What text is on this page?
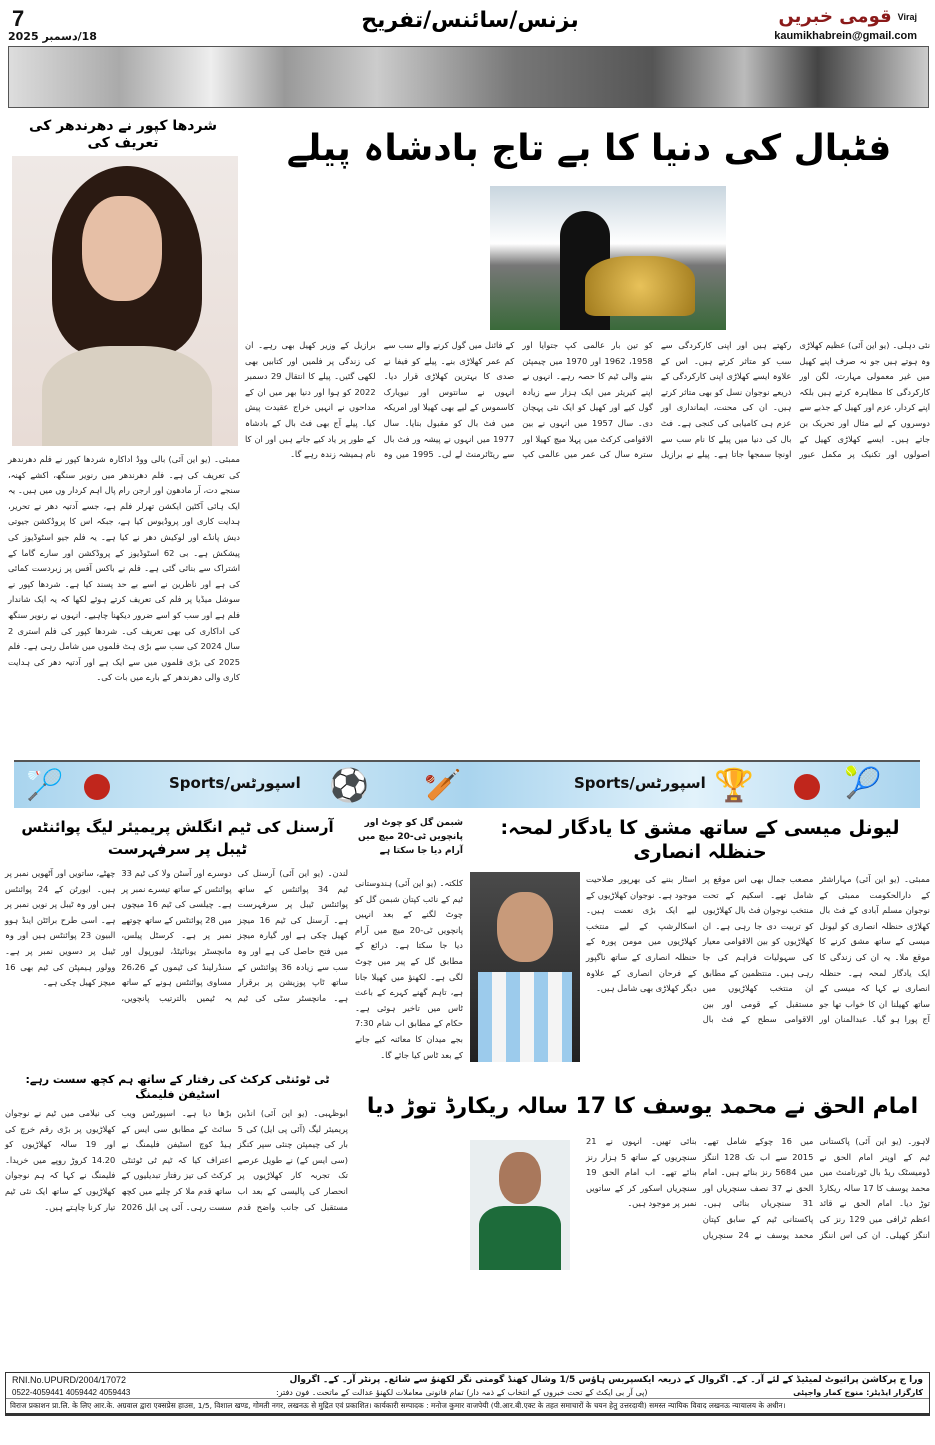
7
18/دسمبر 2025
بزنس/سائنس/تفریح	قومی خبریں Viraj
kaumikhabrein@gmail.com
فٹبال کی دنیا کا بے تاج بادشاہ پیلے
نئی دہلی۔ (یو این آئی) عظیم کھلاڑی وہ ہوتے ہیں جو نہ صرف اپنے کھیل میں غیر معمولی مہارت، لگن اور کارکردگی کا مظاہرہ کرتے ہیں بلکہ اپنے کردار، عزم اور کھیل کے جذبے سے دوسروں کے لیے مثال اور تحریک بن جاتے ہیں۔ ایسے کھلاڑی کھیل کے اصولوں اور تکنیک پر مکمل عبور رکھتے ہیں اور اپنی کارکردگی سے سب کو متاثر کرتے ہیں۔ اس کے علاوہ ایسے کھلاڑی اپنی کارکردگی کے ذریعے نوجوان نسل کو بھی متاثر کرتے ہیں۔ ان کی محنت، ایمانداری اور عزم ہی کامیابی کی کنجی ہے۔ فٹ بال کی دنیا میں پیلے کا نام سب سے اونچا سمجھا جاتا ہے۔ پیلے نے برازیل کو تین بار عالمی کپ جتوایا اور 1958، 1962 اور 1970 میں چیمپئن بننے والی ٹیم کا حصہ رہے۔ انہوں نے اپنے کیریئر میں ایک ہزار سے زیادہ گول کیے اور کھیل کو ایک نئی پہچان دی۔ سال 1957 میں انہوں نے بین الاقوامی کرکٹ میں پہلا میچ کھیلا اور سترہ سال کی عمر میں عالمی کپ کے فائنل میں گول کرنے والے سب سے کم عمر کھلاڑی بنے۔ پیلے کو فیفا نے صدی کا بہترین کھلاڑی قرار دیا۔ انہوں نے سانتوس اور نیویارک کاسموس کے لیے بھی کھیلا اور امریکہ میں فٹ بال کو مقبول بنایا۔ سال 1977 میں انہوں نے پیشہ ور فٹ بال سے ریٹائرمنٹ لے لی۔ 1995 میں وہ برازیل کے وزیر کھیل بھی رہے۔ ان کی زندگی پر فلمیں اور کتابیں بھی لکھی گئیں۔ پیلے کا انتقال 29 دسمبر 2022 کو ہوا اور دنیا بھر میں ان کے مداحوں نے انہیں خراج عقیدت پیش کیا۔ پیلے آج بھی فٹ بال کے بادشاہ کے طور پر یاد کیے جاتے ہیں اور ان کا نام ہمیشہ زندہ رہے گا۔
شردھا کپور نے دھرندھر کی تعریف کی
ممبئی۔ (یو این آئی) بالی ووڈ اداکارہ شردھا کپور نے فلم دھرندھر کی تعریف کی ہے۔ فلم دھرندھر میں رنویر سنگھ، اکشے کھنہ، سنجے دت، آر مادھون اور ارجن رام پال اہم کردار وں میں ہیں۔ یہ ایک ہائی آکٹین ایکشن تھرلر فلم ہے، جسے آدتیہ دھر نے تحریر، ہدایت کاری اور پروڈیوس کیا ہے، جبکہ اس کا پروڈکشن جیوتی دیش پانڈے اور لوکیش دھر نے کیا ہے۔ یہ فلم جیو اسٹوڈیوز کی پیشکش ہے۔ بی 62 اسٹوڈیوز کے پروڈکشن اور سارے گاما کے اشتراک سے بنائی گئی ہے۔ فلم نے باکس آفس پر زبردست کمائی کی ہے اور ناظرین نے اسے بے حد پسند کیا ہے۔ شردھا کپور نے سوشل میڈیا پر فلم کی تعریف کرتے ہوئے لکھا کہ یہ ایک شاندار فلم ہے اور سب کو اسے ضرور دیکھنا چاہیے۔ انہوں نے رنویر سنگھ کی اداکاری کی بھی تعریف کی۔ شردھا کپور کی فلم استری 2 سال 2024 کی سب سے بڑی ہٹ فلموں میں شامل رہی ہے۔ فلم 2025 کی بڑی فلموں میں سے ایک ہے اور آدتیہ دھر کی ہدایت کاری والی دھرندھر کے بارے میں بات کی۔
🏸	Sports/اسپورٹس ⚽ 🏏	Sports/اسپورٹس 🏆	🎾
لیونل میسی کے ساتھ مشق کا یادگار لمحہ: حنظلہ انصاری
ممبئی۔ (یو این آئی) مہاراشٹر کے دارالحکومت ممبئی کے نوجوان مسلم آبادی کے فٹ بال کھلاڑی حنظلہ انصاری کو لیونل میسی کے ساتھ مشق کرنے کا موقع ملا۔ یہ ان کی زندگی کا ایک یادگار لمحہ ہے۔ حنظلہ انصاری نے کہا کہ میسی کے ساتھ کھیلنا ان کا خواب تھا جو آج پورا ہو گیا۔ عبدالمنان اور مصعب جمال بھی اس موقع پر شامل تھے۔ اسکیم کے تحت منتخب نوجوان فٹ بال کھلاڑیوں کو تربیت دی جا رہی ہے۔ ان کھلاڑیوں کو بین الاقوامی معیار کی سہولیات فراہم کی جا رہی ہیں۔ منتظمین کے مطابق ان منتخب کھلاڑیوں میں مستقبل کے قومی اور بین الاقوامی سطح کے فٹ بال اسٹار بننے کی بھرپور صلاحیت موجود ہے۔ نوجوان کھلاڑیوں کے لیے ایک بڑی نعمت ہیں۔ اسکالرشپ کے لیے منتخب کھلاڑیوں میں مومن پورہ کے حنظلہ انصاری کے ساتھ ناگپور کے فرحان انصاری کے علاوہ دیگر کھلاڑی بھی شامل ہیں۔
شبمن گل کو چوٹ اور پانچویں ٹی-20 میچ میں آرام دیا جا سکتا ہے
کلکتہ۔ (یو این آئی) ہندوستانی ٹیم کے نائب کپتان شبمن گل کو چوٹ لگنے کے بعد انہیں پانچویں ٹی-20 میچ میں آرام دیا جا سکتا ہے۔ ذرائع کے مطابق گل کے پیر میں چوٹ لگی ہے۔ لکھنؤ میں کھیلا جانا ہے، تاہم گھنے کہرے کے باعث ٹاس میں تاخیر ہوئی ہے۔ حکام کے مطابق اب شام 7:30 بجے میدان کا معائنہ کیے جانے کے بعد ٹاس کیا جائے گا۔
آرسنل کی ٹیم انگلش پریمیئر لیگ پوائنٹس ٹیبل پر سرفہرست
لندن۔ (یو این آئی) آرسنل کی ٹیم 34 پوائنٹس کے ساتھ پوائنٹس ٹیبل پر سرفہرست ہے۔ آرسنل کی ٹیم 16 میچز کھیل چکی ہے اور گیارہ میچز میں فتح حاصل کی ہے اور وہ سب سے زیادہ 36 پوائنٹس کے ساتھ ٹاپ پوزیشن پر برقرار ہے۔ مانچسٹر سٹی کی ٹیم دوسرے اور آسٹن ولا کی ٹیم 33 پوائنٹس کے ساتھ تیسرے نمبر پر ہے۔ چیلسی کی ٹیم 16 میچوں میں 28 پوائنٹس کے ساتھ چوتھے نمبر پر ہے۔ کرسٹل پیلس، مانچسٹر یونائیٹڈ، لیورپول اور سنڈرلینڈ کی ٹیموں کے 26،26 مساوی پوائنٹس ہونے کے ساتھ یہ ٹیمیں بالترتیب پانچویں، چھٹے، ساتویں اور آٹھویں نمبر پر ہیں۔ ایورٹن کے 24 پوائنٹس ہیں اور وہ ٹیبل پر نویں نمبر پر ہے۔ اسی طرح برائٹن اینڈ ہوو البیون 23 پوائنٹس ہیں اور وہ ٹیبل پر دسویں نمبر پر ہے۔ وولور ہیمپٹن کی ٹیم بھی 16 میچز کھیل چکی ہے۔
ٹی ٹوئنٹی کرکٹ کی رفتار کے ساتھ ہم کچھ سست رہے: اسٹیفن فلیمنگ
ابوظہبی۔ (یو این آئی) انڈین پریمیئر لیگ (آئی پی ایل) کی 5 بار کی چیمپئن چنئی سپر کنگز (سی ایس کے) نے طویل عرصے تک تجربہ کار کھلاڑیوں پر انحصار کی پالیسی کے بعد اب مستقبل کی جانب واضح قدم بڑھا دیا ہے۔ اسپورٹس ویب سائٹ کے مطابق سی ایس کے ہیڈ کوچ اسٹیفن فلیمنگ نے اعتراف کیا کہ ٹیم ٹی ٹوئنٹی کرکٹ کی تیز رفتار تبدیلیوں کے ساتھ قدم ملا کر چلنے میں کچھ سست رہی۔ آئی پی ایل 2026 کی نیلامی میں ٹیم نے نوجوان کھلاڑیوں پر بڑی رقم خرچ کی اور 19 سالہ کھلاڑیوں کو 14.20 کروڑ روپے میں خریدا۔ فلیمنگ نے کہا کہ ہم نوجوان کھلاڑیوں کے ساتھ ایک نئی ٹیم تیار کرنا چاہتے ہیں۔
امام الحق نے محمد یوسف کا 17 سالہ ریکارڈ توڑ دیا
لاہور۔ (یو این آئی) پاکستانی ٹیم کے اوپنر امام الحق نے ڈومیسٹک ریڈ بال ٹورنامنٹ میں محمد یوسف کا 17 سالہ ریکارڈ توڑ دیا۔ امام الحق نے قائد اعظم ٹرافی میں 129 رنز کی اننگز کھیلی۔ ان کی اس اننگز میں 16 چوکے شامل تھے۔ 2015 سے اب تک 128 اننگز میں 5684 رنز بنائے ہیں۔ امام الحق نے 37 نصف سنچریاں اور 31 سنچریاں بنائی ہیں۔ پاکستانی ٹیم کے سابق کپتان محمد یوسف نے 24 سنچریاں بنائی تھیں۔ انہوں نے 21 سنچریوں کے ساتھ 5 ہزار رنز بنائے تھے۔ اب امام الحق 19 سنچریاں اسکور کر کے ساتویں نمبر پر موجود ہیں۔
RNI.No.UPURD/2004/17072	ورا ج پرکاشن پرائیوٹ لمیٹیڈ کے لئے آر۔ کے۔ اگروال کے ذریعہ ایکسپریس ہاؤس 1/5 وشال کھنڈ گومتی نگر لکھنؤ سے شائع۔ پرنٹر آر۔ کے۔ اگروال
0522-4059441 4059442 4059443	(پی آر بی ایکٹ کے تحت خبروں کے انتخاب کے ذمہ دار) تمام قانونی معاملات لکھنؤ عدالت کے ماتحت۔ فون دفتر:	کارگزار ایڈیٹر: منوج کمار واجپئی
विराज प्रकाशन प्रा.लि. के लिए आर.के. अग्रवाल द्वारा एक्सप्रेस हाउस, 1/5, विशाल खण्ड, गोमती नगर, लखनऊ से मुद्रित एवं प्रकाशित। कार्यकारी सम्पादक : मनोज कुमार वाजपेयी (पी.आर.बी.एक्ट के तहत समाचारों के चयन हेतु उत्तरदायी) समस्त न्यायिक विवाद लखनऊ न्यायालय के अधीन।
